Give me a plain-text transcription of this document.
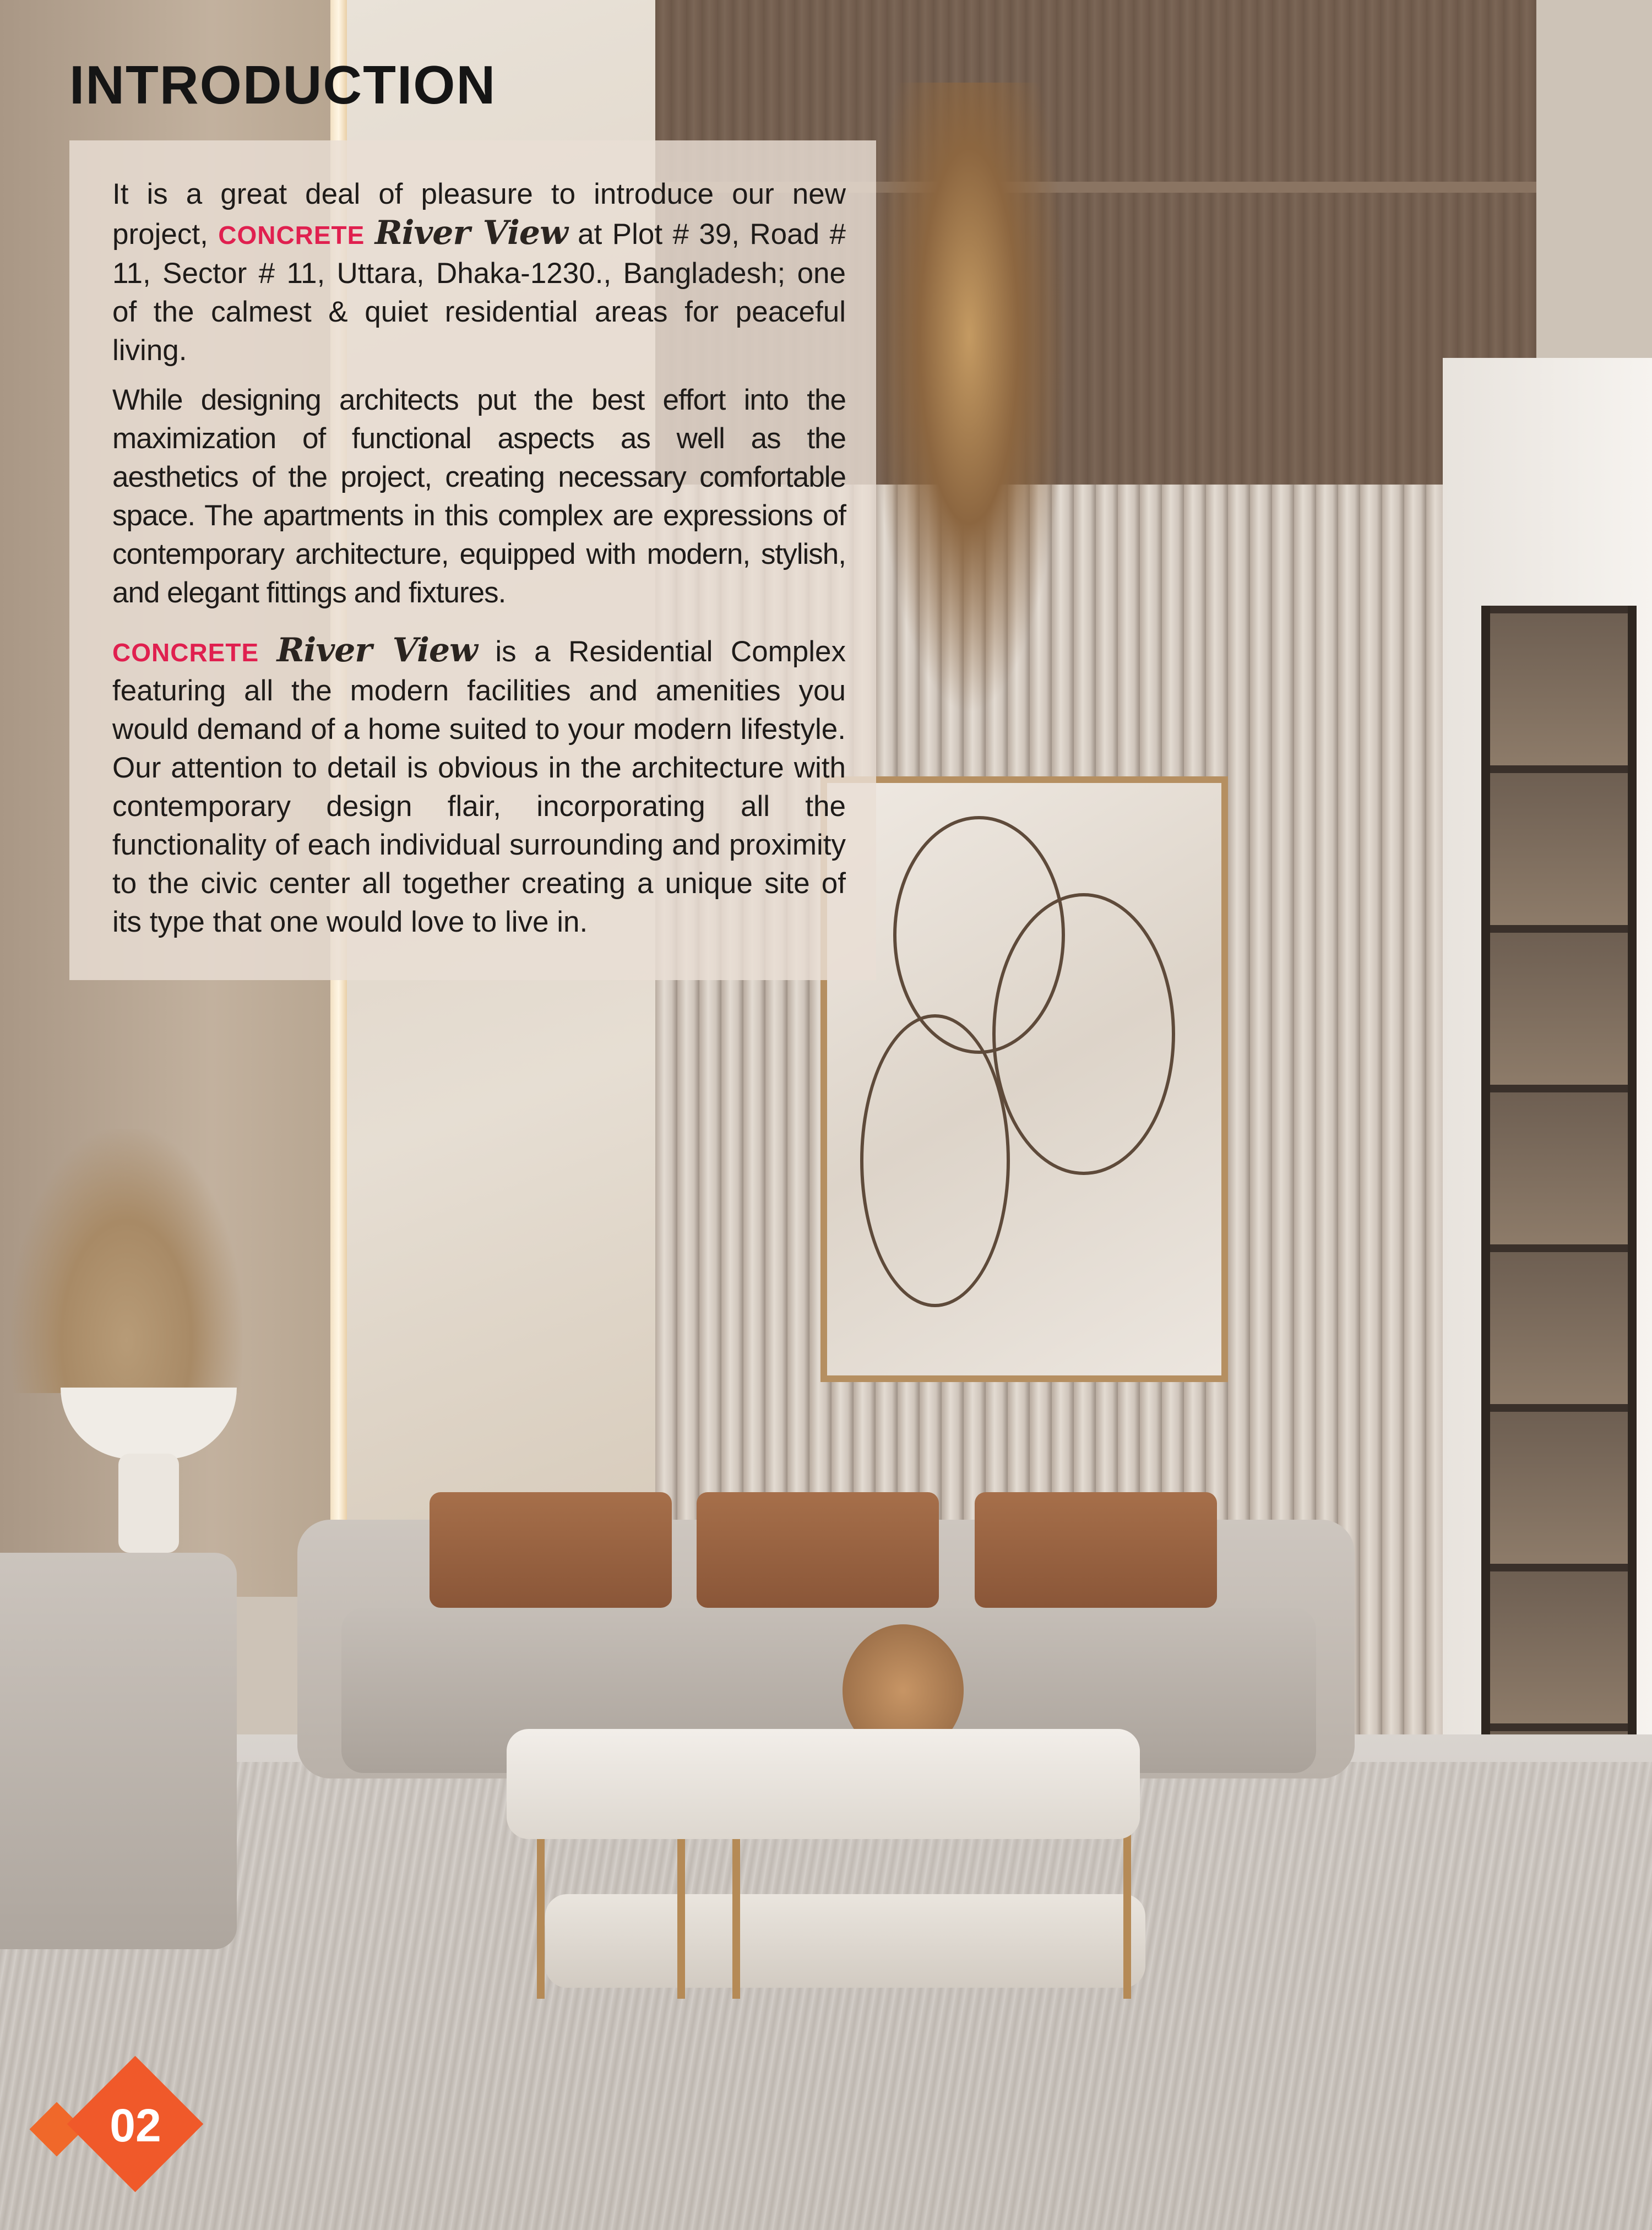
INTRODUCTION

It is a great deal of pleasure to introduce our new project, CONCRETE River View at Plot # 39, Road # 11, Sector # 11, Uttara, Dhaka-1230., Bangladesh; one of the calmest & quiet residential areas for peaceful living.

While designing architects put the best effort into the maximization of functional aspects as well as the aesthetics of the project, creating necessary comfortable space. The apartments in this complex are expressions of contemporary architecture, equipped with modern, stylish, and elegant fittings and fixtures.

CONCRETE River View is a Residential Complex featuring all the modern facilities and amenities you would demand of a home suited to your modern lifestyle. Our attention to detail is obvious in the architecture with contemporary design flair, incorporating all the functionality of each individual surrounding and proximity to the civic center all together creating a unique site of its type that one would love to live in.

02
